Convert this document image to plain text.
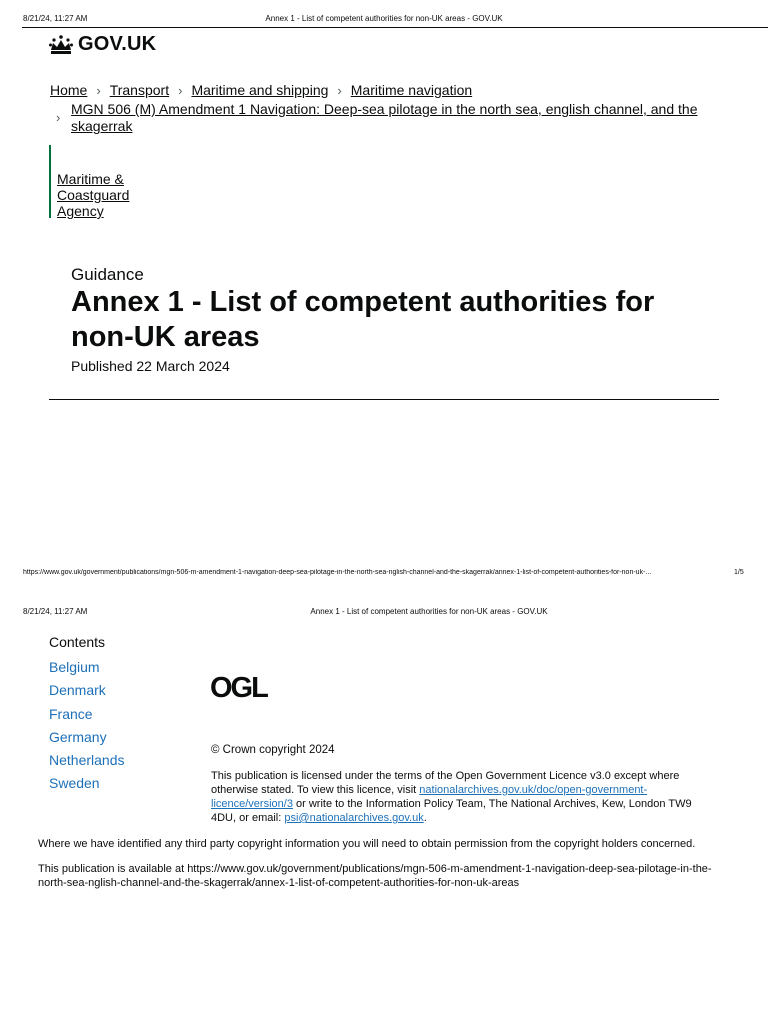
8/21/24, 11:27 AM	Annex 1 - List of competent authorities for non-UK areas - GOV.UK
GOV.UK
Home › Transport › Maritime and shipping › Maritime navigation
›
MGN 506 (M) Amendment 1 Navigation: Deep-sea pilotage in the north sea, english channel, and the skagerrak
Maritime &
Coastguard
Agency
Guidance
Annex 1 - List of competent authorities for
non-UK areas
Published 22 March 2024
https://www.gov.uk/government/publications/mgn-506-m-amendment-1-navigation-deep-sea-pilotage-in-the-north-sea-nglish-channel-and-the-skagerrak/annex-1-list-of-competent-authorities-for-non-uk-...	1/5
8/21/24, 11:27 AM	Annex 1 - List of competent authorities for non-UK areas - GOV.UK
Contents
Belgium
Denmark
France
Germany
Netherlands
Sweden
OGL
© Crown copyright 2024

This publication is licensed under the terms of the Open Government Licence v3.0 except where otherwise stated. To view this licence, visit nationalarchives.gov.uk/doc/open-government-licence/version/3 or write to the Information Policy Team, The National Archives, Kew, London TW9 4DU, or email: psi@nationalarchives.gov.uk.

Where we have identified any third party copyright information you will need to obtain permission from the copyright holders concerned.

This publication is available at https://www.gov.uk/government/publications/mgn-506-m-amendment-1-navigation-deep-sea-pilotage-in-the-north-sea-nglish-channel-and-the-skagerrak/annex-1-list-of-competent-authorities-for-non-uk-areas
